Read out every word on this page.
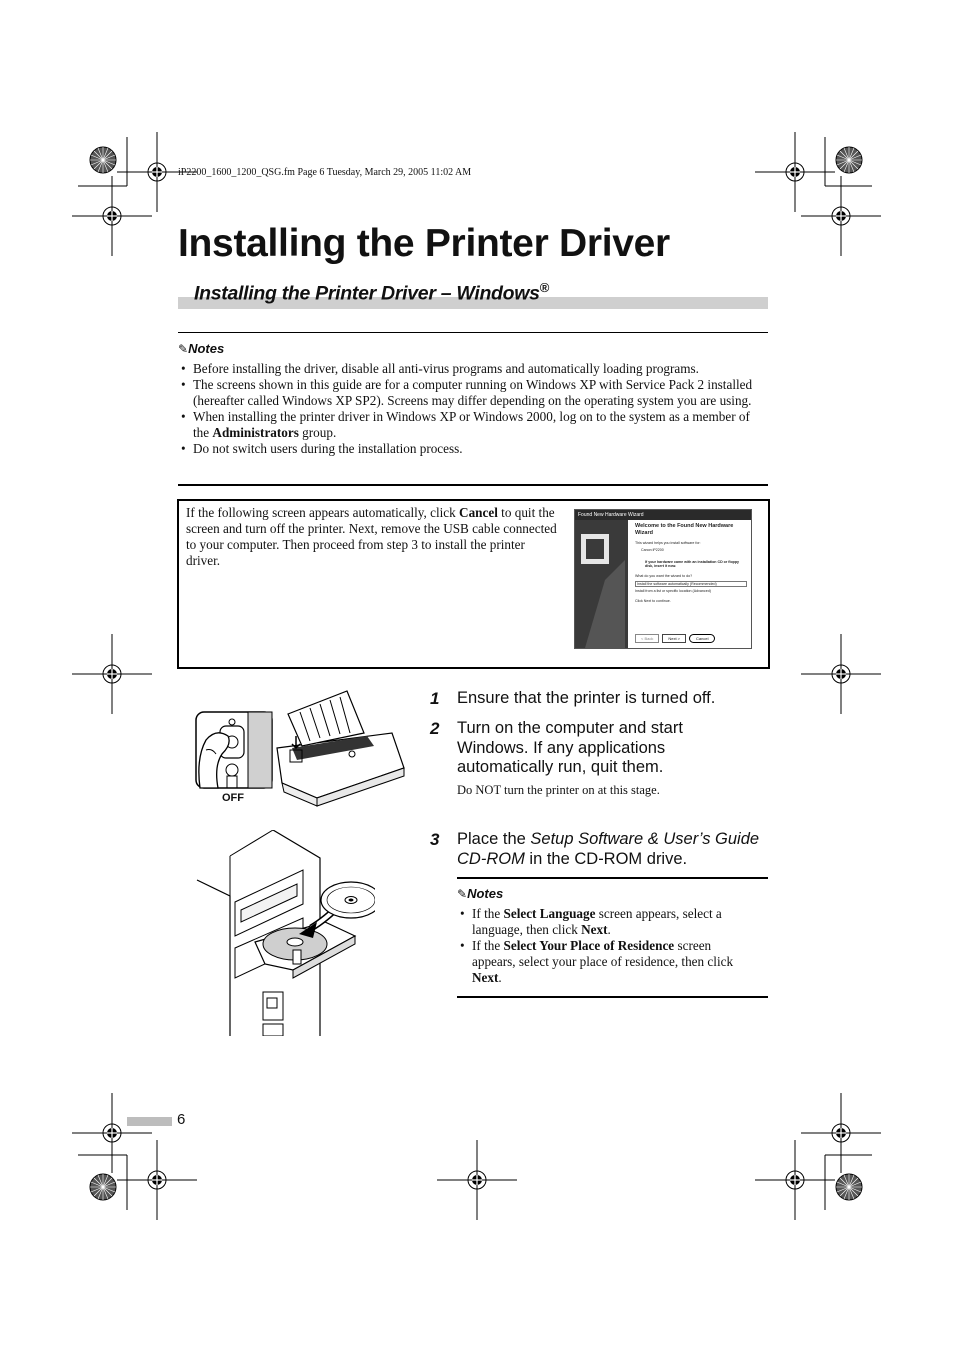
iP2200_1600_1200_QSG.fm Page 6 Tuesday, March 29, 2005 11:02 AM
Installing the Printer Driver
Installing the Printer Driver – Windows®
✎Notes
• Before installing the driver, disable all anti-virus programs and automatically loading programs.
• The screens shown in this guide are for a computer running on Windows XP with Service Pack 2 installed (hereafter called Windows XP SP2). Screens may differ depending on the operating system you are using.
• When installing the printer driver in Windows XP or Windows 2000, log on to the system as a member of the Administrators group.
• Do not switch users during the installation process.
If the following screen appears automatically, click Cancel to quit the screen and turn off the printer. Next, remove the USB cable connected to your computer. Then proceed from step 3 to install the printer driver.
Found New Hardware Wizard
Welcome to the Found New Hardware Wizard
This wizard helps you install software for:
Canon iP2200
If your hardware came with an installation CD or floppy disk, insert it now.
What do you want the wizard to do?
Install the software automatically (Recommended)
Install from a list or specific location (Advanced)
Click Next to continue.
< Back	Next >	Cancel
OFF
1 Ensure that the printer is turned off.
2 Turn on the computer and start Windows. If any applications automatically run, quit them.
Do NOT turn the printer on at this stage.
3 Place the Setup Software & User’s Guide CD-ROM in the CD-ROM drive.
✎Notes
• If the Select Language screen appears, select a language, then click Next.
• If the Select Your Place of Residence screen appears, select your place of residence, then click Next.
6
